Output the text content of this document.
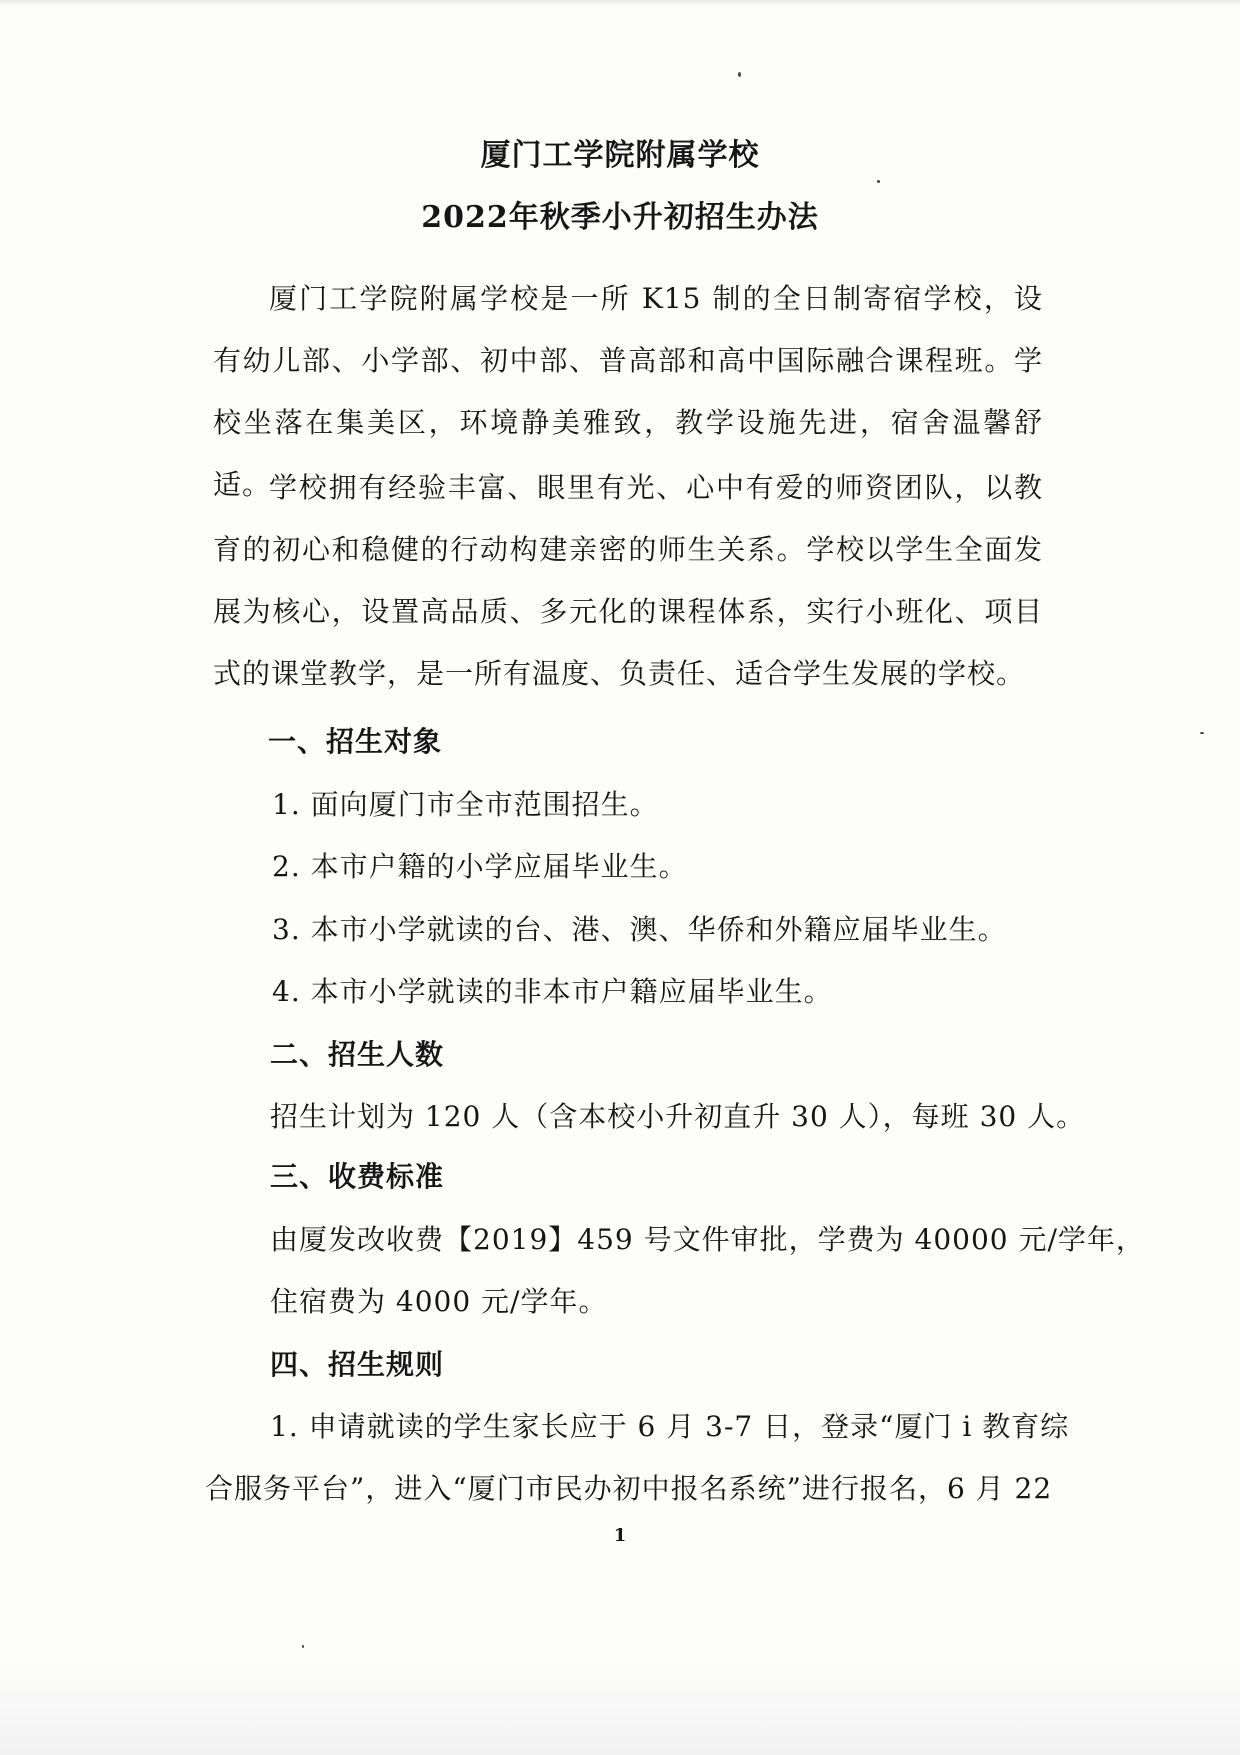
厦门工学院附属学校
2022年秋季小升初招生办法

厦门工学院附属学校是一所 K15 制的全日制寄宿学校，设有幼儿部、小学部、初中部、普高部和高中国际融合课程班。学校坐落在集美区，环境静美雅致，教学设施先进，宿舍温馨舒适。

学校拥有经验丰富、眼里有光、心中有爱的师资团队，以教育的初心和稳健的行动构建亲密的师生关系。学校以学生全面发展为核心，设置高品质、多元化的课程体系，实行小班化、项目式的课堂教学，是一所有温度、负责任、适合学生发展的学校。

一、招生对象
1. 面向厦门市全市范围招生。
2. 本市户籍的小学应届毕业生。
3. 本市小学就读的台、港、澳、华侨和外籍应届毕业生。
4. 本市小学就读的非本市户籍应届毕业生。
二、招生人数
招生计划为 120 人（含本校小升初直升 30 人），每班 30 人。
三、收费标准
由厦发改收费【2019】459 号文件审批，学费为 40000 元/学年，
住宿费为 4000 元/学年。
四、招生规则
1. 申请就读的学生家长应于 6 月 3-7 日，登录“厦门 i 教育综
合服务平台”，进入“厦门市民办初中报名系统”进行报名，6 月 22
1
